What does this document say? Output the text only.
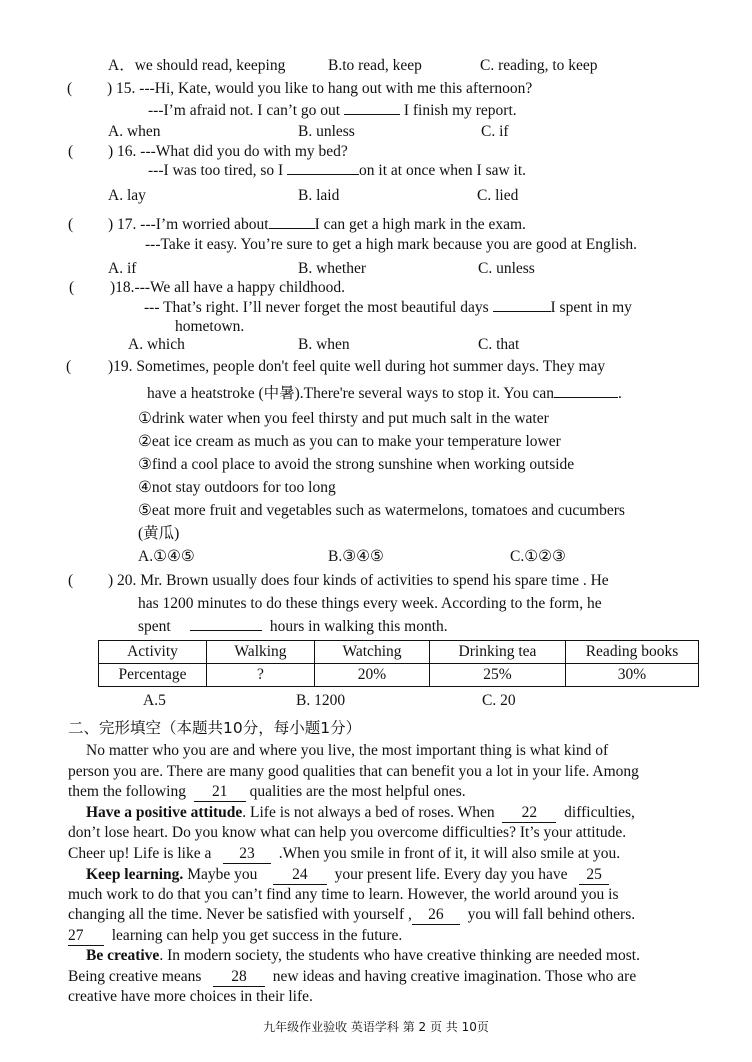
A．we should read, keeping	B.to read, keep	C. reading, to keep
( ) 15. ---Hi, Kate, would you like to hang out with me this afternoon?
---I’m afraid not. I can’t go out	I finish my report.
A. when	B. unless	C. if
( ) 16. ---What did you do with my bed?
---I was too tired, so I	on it at once when I saw it.
A. lay	B. laid	C. lied
( ) 17. ---I’m worried about	I can get a high mark in the exam.
---Take it easy. You’re sure to get a high mark because you are good at English.
A. if	B. whether	C. unless
( )18.---We all have a happy childhood.
--- That’s right. I’ll never forget the most beautiful days	I spent in my
hometown.
A. which	B. when	C. that
( )19. Sometimes, people don't feel quite well during hot summer days. They may
have a heatstroke (中暑).There're several ways to stop it. You can	.
①drink water when you feel thirsty and put much salt in the water
②eat ice cream as much as you can to make your temperature lower
③find a cool place to avoid the strong sunshine when working outside
④not stay outdoors for too long
⑤eat more fruit and vegetables such as watermelons, tomatoes and cucumbers
(黄瓜)
A.①④⑤	B.③④⑤	C.①②③
( ) 20. Mr. Brown usually does four kinds of activities to spend his spare time . He
has 1200 minutes to do these things every week. According to the form, he
spent	hours in walking this month.
Activity	Walking	Watching	Drinking tea	Reading books
Percentage	?	20%	25%	30%
A.5	B. 1200	C. 20
二、完形填空（本题共10分，每小题1分）
No matter who you are and where you live, the most important thing is what kind of
person you are. There are many good qualities that can benefit you a lot in your life. Among
them the following 21 qualities are the most helpful ones.
Have a positive attitude. Life is not always a bed of roses. When 22 difficulties,
don’t lose heart. Do you know what can help you overcome difficulties? It’s your attitude.
Cheer up! Life is like a 23 .When you smile in front of it, it will also smile at you.
Keep learning. Maybe you 24 your present life. Every day you have 25
much work to do that you can’t find any time to learn. However, the world around you is
changing all the time. Never be satisfied with yourself , 26 you will fall behind others.
27 learning can help you get success in the future.
Be creative. In modern society, the students who have creative thinking are needed most.
Being creative means 28 new ideas and having creative imagination. Those who are
creative have more choices in their life.
九年级作业验收 英语学科 第 2 页 共 10页
